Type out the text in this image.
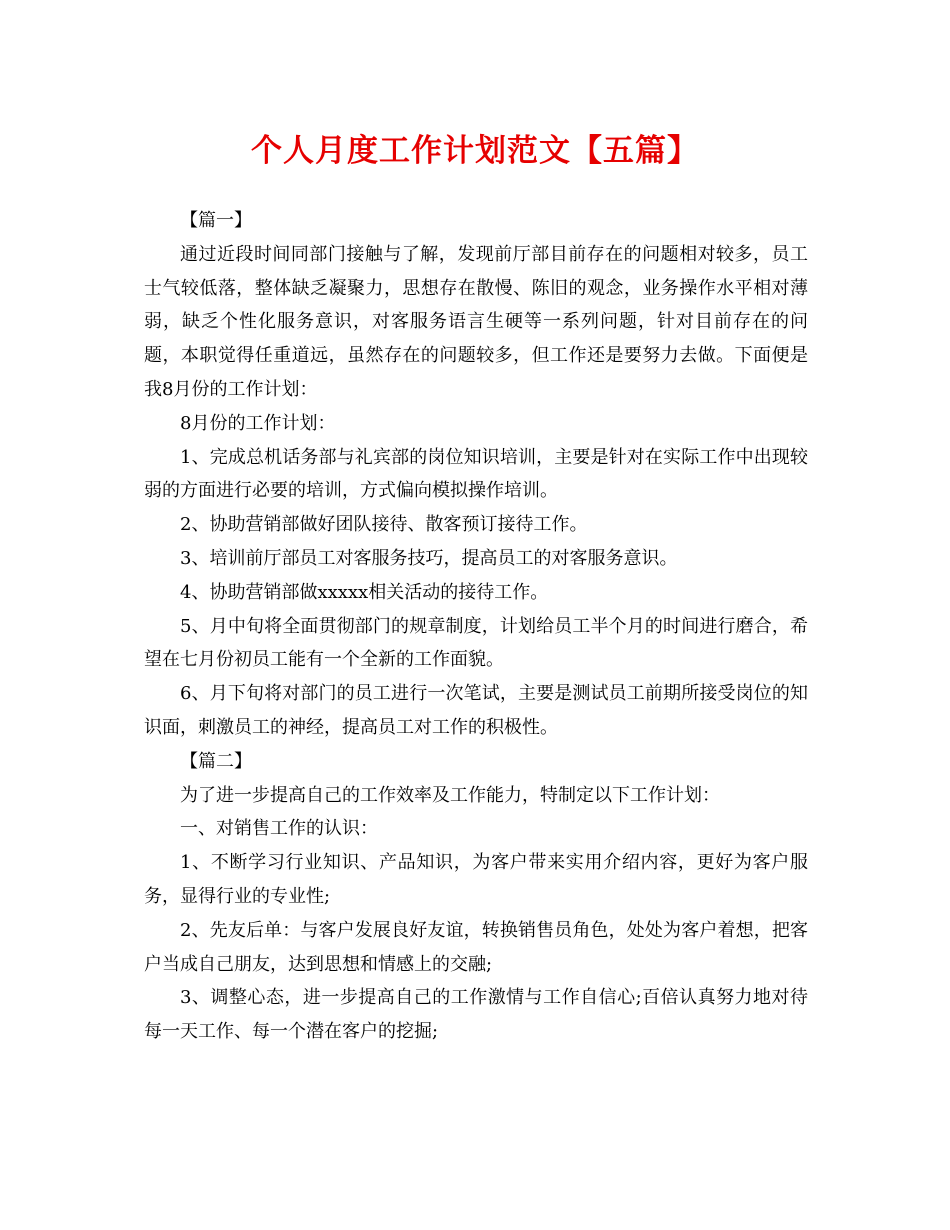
个人月度工作计划范文【五篇】

【篇一】

通过近段时间同部门接触与了解，发现前厅部目前存在的问题相对较多，员工士气较低落，整体缺乏凝聚力，思想存在散慢、陈旧的观念，业务操作水平相对薄弱，缺乏个性化服务意识，对客服务语言生硬等一系列问题，针对目前存在的问题，本职觉得任重道远，虽然存在的问题较多，但工作还是要努力去做。下面便是我8月份的工作计划：

8月份的工作计划：

1、完成总机话务部与礼宾部的岗位知识培训，主要是针对在实际工作中出现较弱的方面进行必要的培训，方式偏向模拟操作培训。

2、协助营销部做好团队接待、散客预订接待工作。

3、培训前厅部员工对客服务技巧，提高员工的对客服务意识。

4、协助营销部做xxxxx相关活动的接待工作。

5、月中旬将全面贯彻部门的规章制度，计划给员工半个月的时间进行磨合，希望在七月份初员工能有一个全新的工作面貌。

6、月下旬将对部门的员工进行一次笔试，主要是测试员工前期所接受岗位的知识面，刺激员工的神经，提高员工对工作的积极性。

【篇二】

为了进一步提高自己的工作效率及工作能力，特制定以下工作计划：

一、对销售工作的认识：

1、不断学习行业知识、产品知识，为客户带来实用介绍内容，更好为客户服务，显得行业的专业性;

2、先友后单：与客户发展良好友谊，转换销售员角色，处处为客户着想，把客户当成自己朋友，达到思想和情感上的交融;

3、调整心态，进一步提高自己的工作激情与工作自信心;百倍认真努力地对待每一天工作、每一个潜在客户的挖掘;
